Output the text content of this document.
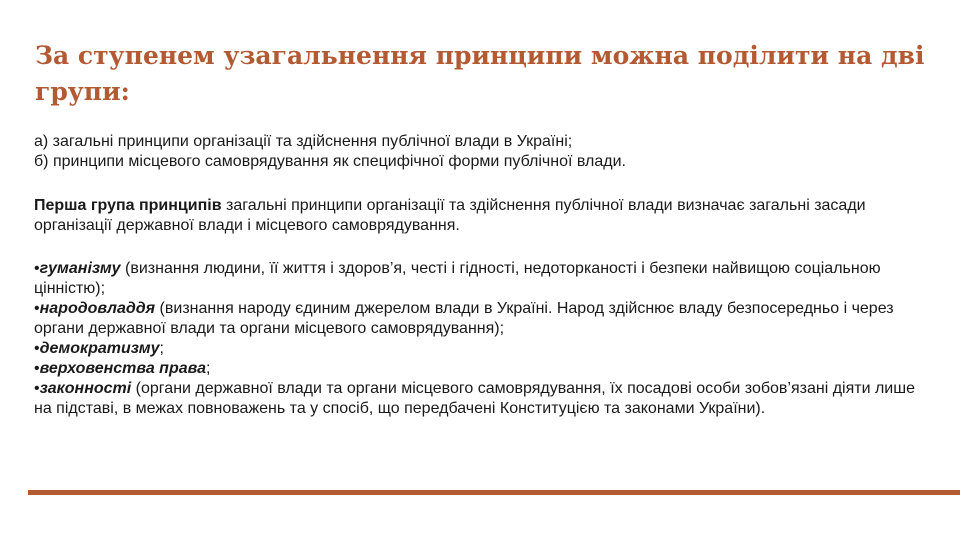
За ступенем узагальнення принципи можна поділити на дві групи:

а) загальні принципи організації та здійснення публічної влади в Україні;

б) принципи місцевого самоврядування як специфічної форми публічної влади.

Перша група принципів загальні принципи організації та здійснення публічної влади визначає загальні засади організації державної влади і місцевого самоврядування.

•гуманізму (визнання людини, її життя і здоров’я, честі і гідності, недоторканості і безпеки найвищою соціальною цінністю);

•народовладдя (визнання народу єдиним джерелом влади в Україні. Народ здійснює владу безпосередньо і через органи державної влади та органи місцевого самоврядування);

•демократизму;

•верховенства права;

•законності (органи державної влади та органи місцевого самоврядування, їх посадові особи зобов’язані діяти лише на підставі, в межах повноважень та у спосіб, що передбачені Конституцією та законами України).
